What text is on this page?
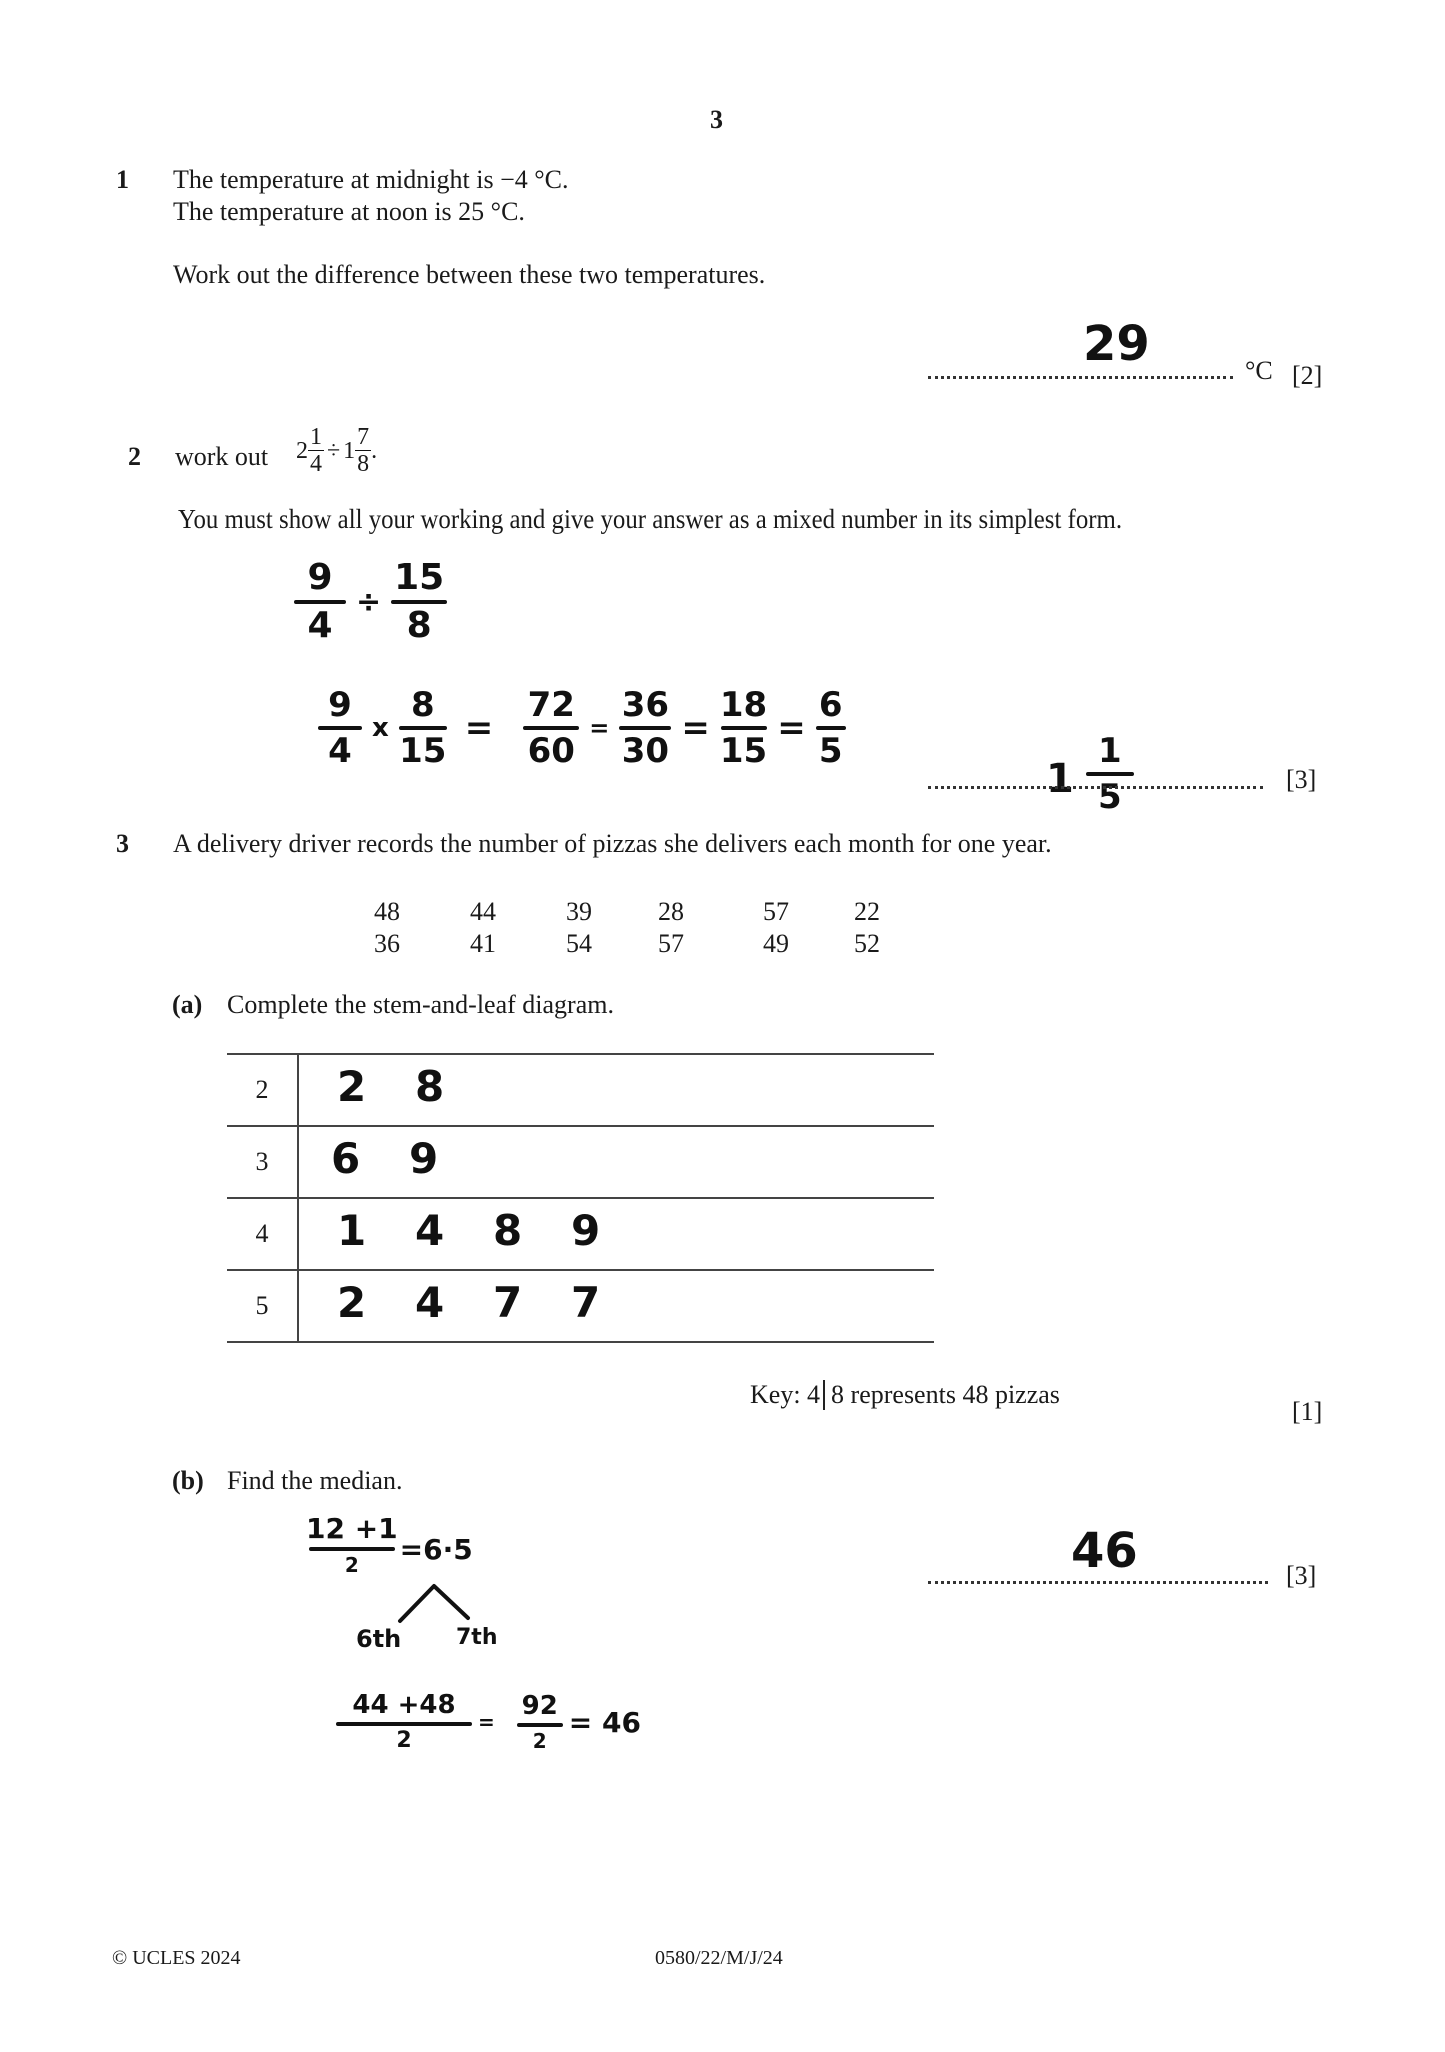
3
1 The temperature at midnight is −4 °C.
The temperature at noon is 25 °C.
Work out the difference between these two temperatures.
29	°C [2]
2 work out $2 \frac{1}{4} \div 1 \frac{7}{8}$ .
You must show all your working and give your answer as a mixed number in its simplest form.
9
4
÷
15
8
9
4
x
8
15
=
72
60
=
36
30
=
18
15
=
6
5
1
1
5	[3]
3 A delivery driver records the number of pizzas she delivers each month for one year.
48	44	39	28	57	22
36	41	54	57	49	52
(a) Complete the stem-and-leaf diagram.
2	2 8
3	6 9
4	1 4 8 9
5	2 4 7 7
Key: 4 8 represents 48 pizzas
[1]
(b) Find the median.
12 +1
2 =6·5
6th 7th
44 +48
2
=
92
2
= 46
46	[3]
© UCLES 2024	0580/22/M/J/24
